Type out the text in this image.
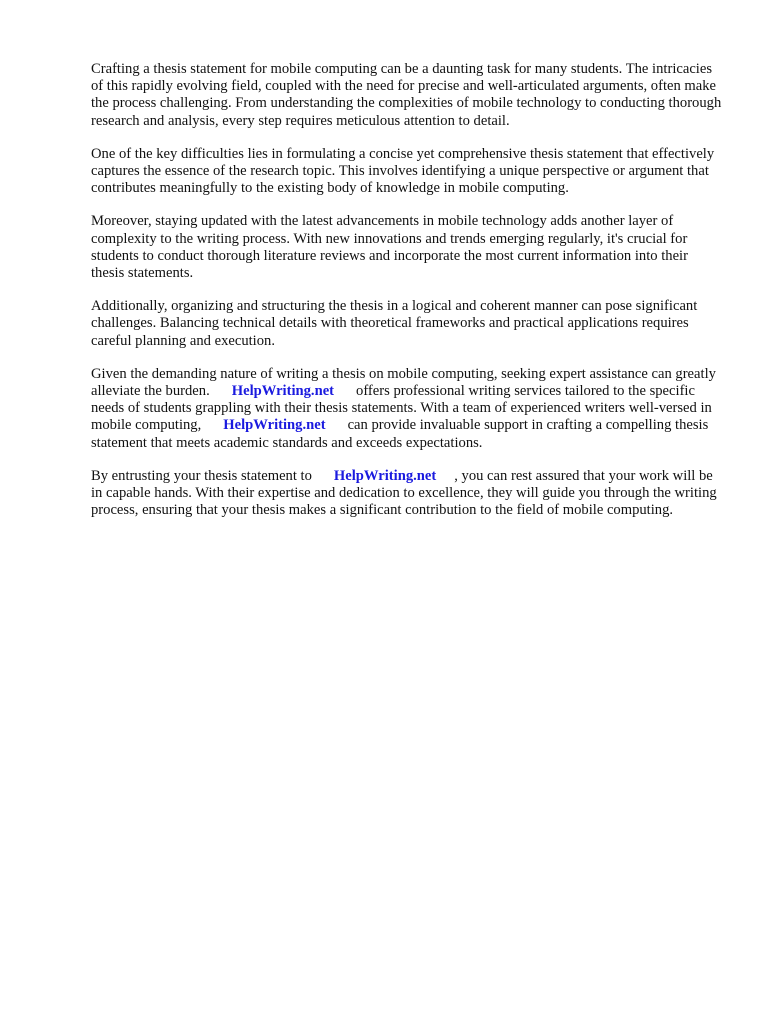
Crafting a thesis statement for mobile computing can be a daunting task for many students. The intricacies of this rapidly evolving field, coupled with the need for precise and well-articulated arguments, often make the process challenging. From understanding the complexities of mobile technology to conducting thorough research and analysis, every step requires meticulous attention to detail.

One of the key difficulties lies in formulating a concise yet comprehensive thesis statement that effectively captures the essence of the research topic. This involves identifying a unique perspective or argument that contributes meaningfully to the existing body of knowledge in mobile computing.

Moreover, staying updated with the latest advancements in mobile technology adds another layer of complexity to the writing process. With new innovations and trends emerging regularly, it's crucial for students to conduct thorough literature reviews and incorporate the most current information into their thesis statements.

Additionally, organizing and structuring the thesis in a logical and coherent manner can pose significant challenges. Balancing technical details with theoretical frameworks and practical applications requires careful planning and execution.

Given the demanding nature of writing a thesis on mobile computing, seeking expert assistance can greatly alleviate the burden. HelpWriting.net offers professional writing services tailored to the specific needs of students grappling with their thesis statements. With a team of experienced writers well-versed in mobile computing, HelpWriting.net can provide invaluable support in crafting a compelling thesis statement that meets academic standards and exceeds expectations.

By entrusting your thesis statement to HelpWriting.net , you can rest assured that your work will be in capable hands. With their expertise and dedication to excellence, they will guide you through the writing process, ensuring that your thesis makes a significant contribution to the field of mobile computing.
